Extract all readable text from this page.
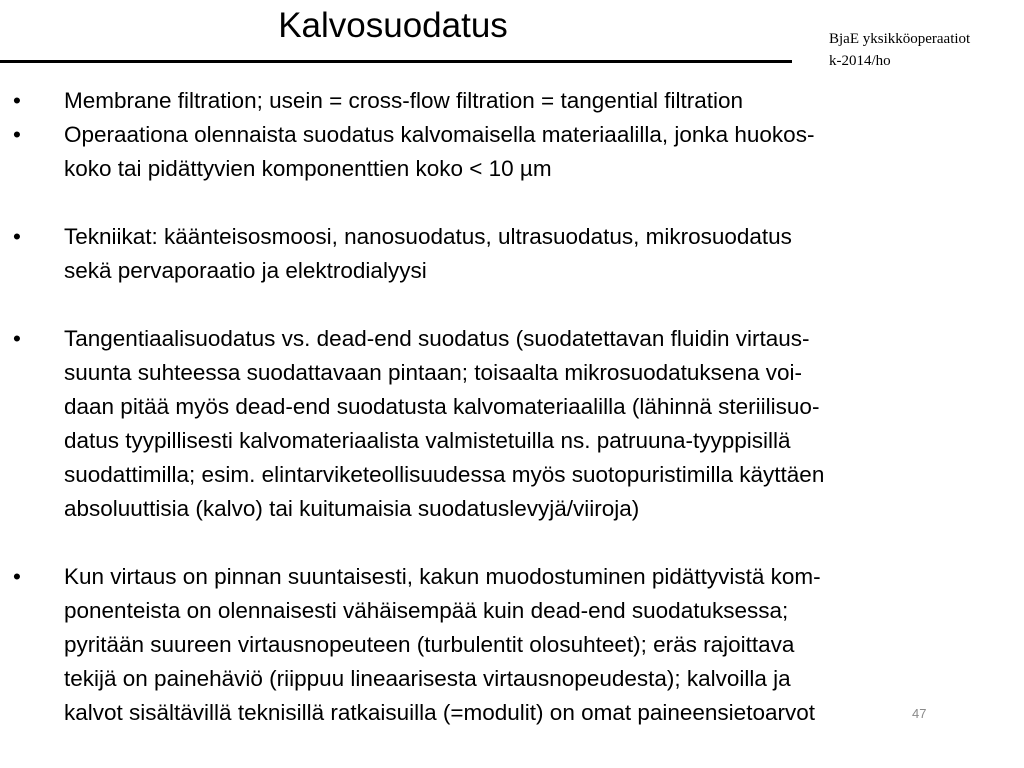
Kalvosuodatus	BjaE yksikköoperaatiot
k-2014/ho
• Membrane filtration; usein = cross-flow filtration = tangential filtration
• Operaationa olennaista suodatus kalvomaisella materiaalilla, jonka huokos-
koko tai pidättyvien komponenttien koko < 10 µm
• Tekniikat: käänteisosmoosi, nanosuodatus, ultrasuodatus, mikrosuodatus
sekä pervaporaatio ja elektrodialyysi
• Tangentiaalisuodatus vs. dead-end suodatus (suodatettavan fluidin virtaus-
suunta suhteessa suodattavaan pintaan; toisaalta mikrosuodatuksena voi-
daan pitää myös dead-end suodatusta kalvomateriaalilla (lähinnä steriilisuo-
datus tyypillisesti kalvomateriaalista valmistetuilla ns. patruuna-tyyppisillä
suodattimilla; esim. elintarviketeollisuudessa myös suotopuristimilla käyttäen
absoluuttisia (kalvo) tai kuitumaisia suodatuslevyjä/viiroja)
• Kun virtaus on pinnan suuntaisesti, kakun muodostuminen pidättyvistä kom-
ponenteista on olennaisesti vähäisempää kuin dead-end suodatuksessa;
pyritään suureen virtausnopeuteen (turbulentit olosuhteet); eräs rajoittava
tekijä on painehäviö (riippuu lineaarisesta virtausnopeudesta); kalvoilla ja
kalvot sisältävillä teknisillä ratkaisuilla (=modulit) on omat paineensietoarvot	47
